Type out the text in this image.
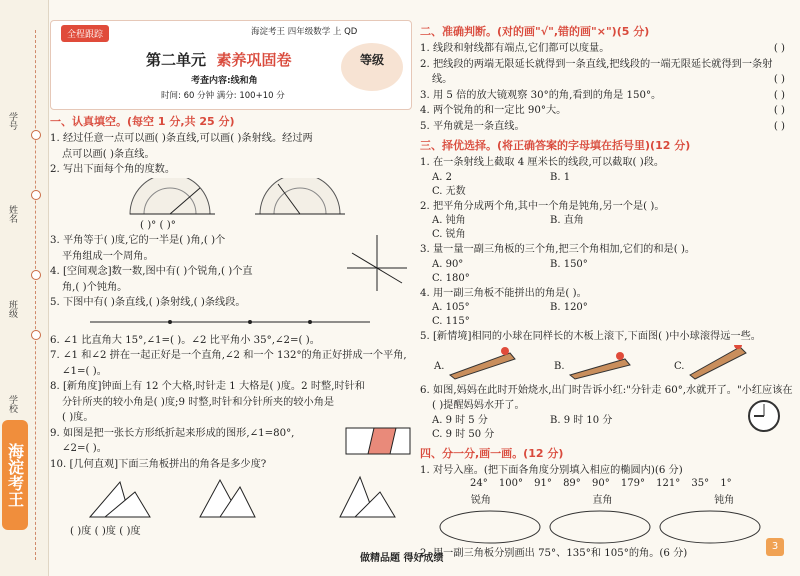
学号
姓名
班级
学校
海淀考王
全程跟踪	海淀考王 四年级数学 上 QD
第二单元 素养巩固卷
考查内容:线和角
时间: 60 分钟 满分: 100+10 分
等级
一、认真填空。(每空 1 分,共 25 分)

1. 经过任意一点可以画( )条直线,可以画( )条射线。经过两

点可以画( )条直线。

2. 写出下面每个角的度数。

( )° ( )°

3. 平角等于( )度,它的一半是( )角,( )个

平角组成一个周角。

4. [空间观念]数一数,图中有( )个锐角,( )个直

角,( )个钝角。

5. 下图中有( )条直线,( )条射线,( )条线段。

6. ∠1 比直角大 15°,∠1=( )。∠2 比平角小 35°,∠2=( )。

7. ∠1 和∠2 拼在一起正好是一个直角,∠2 和一个 132°的角正好拼成一个平角,

∠1=( )。

8. [新角度]钟面上有 12 个大格,时针走 1 大格是( )度。2 时整,时针和

分针所夹的较小角是( )度;9 时整,时针和分针所夹的较小角是

( )度。

9. 如图是把一张长方形纸折起来形成的图形,∠1=80°,

∠2=( )。

10. [几何直观]下面三角板拼出的角各是多少度?

( )度 ( )度 ( )度

二、准确判断。(对的画"√",错的画"×")(5 分)

1. 线段和射线都有端点,它们都可以度量。	( )

2. 把线段的两端无限延长就得到一条直线,把线段的一端无限延长就得到一条射

线。	( )

3. 用 5 倍的放大镜观察 30°的角,看到的角是 150°。	( )

4. 两个锐角的和一定比 90°大。	( )

5. 平角就是一条直线。	( )

三、择优选择。(将正确答案的字母填在括号里)(12 分)

1. 在一条射线上截取 4 厘米长的线段,可以截取( )段。

A. 2	B. 1C. 无数

2. 把平角分成两个角,其中一个角是钝角,另一个是( )。

A. 钝角	B. 直角C. 锐角

3. 量一量一副三角板的三个角,把三个角相加,它们的和是( )。

A. 90°	B. 150°C. 180°

4. 用一副三角板不能拼出的角是( )。

A. 105°	B. 120°C. 115°

5. [新情境]相同的小球在同样长的木板上滚下,下面图( )中小球滚得远一些。

A.	B.	C.

6. 如图,妈妈在此时开始烧水,出门时告诉小红:"分针走 60°,水就开了。"小红应该在

( )提醒妈妈水开了。

A. 9 时 5 分	B. 9 时 10 分C. 9 时 50 分
四、分一分,画一画。(12 分)

1. 对号入座。(把下面各角度分别填入相应的椭圆内)(6 分)

24° 100° 91° 89° 90° 179° 121° 35° 1°
锐角	直角	钝角

2. 用一副三角板分别画出 75°、135°和 105°的角。(6 分)

做精品题 得好成绩
3
